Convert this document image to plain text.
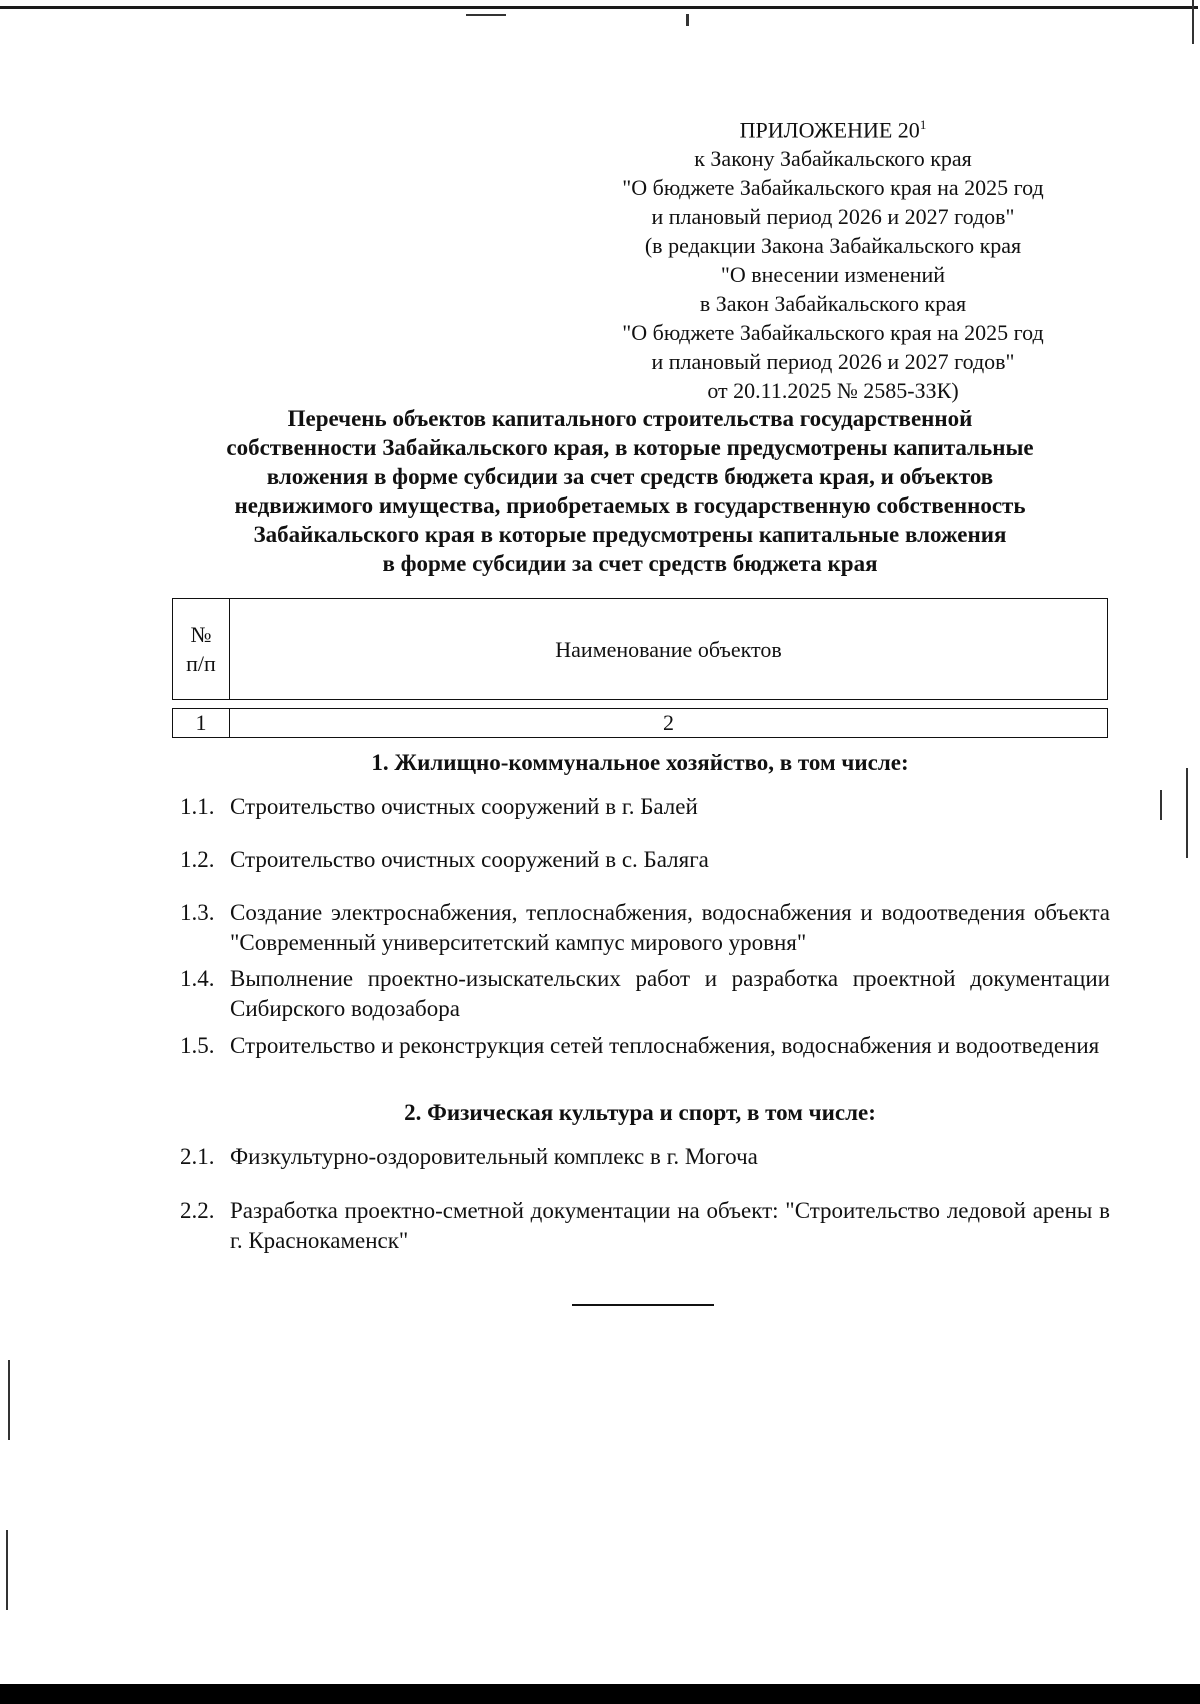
ПРИЛОЖЕНИЕ $20^1$
к Закону Забайкальского края
"О бюджете Забайкальского края на 2025 год
и плановый период 2026 и 2027 годов"
(в редакции Закона Забайкальского края
"О внесении изменений
в Закон Забайкальского края
"О бюджете Забайкальского края на 2025 год
и плановый период 2026 и 2027 годов"
от 20.11.2025 № 2585-ЗЗК)
Перечень объектов капитального строительства государственной
собственности Забайкальского края, в которые предусмотрены капитальные
вложения в форме субсидии за счет средств бюджета края, и объектов
недвижимого имущества, приобретаемых в государственную собственность
Забайкальского края в которые предусмотрены капитальные вложения
в форме субсидии за счет средств бюджета края
№
п/п
	Наименование объектов
1	2
1. Жилищно-коммунальное хозяйство, в том числе:
1.1. Строительство очистных сооружений в г. Балей
1.2. Строительство очистных сооружений в с. Баляга
1.3. Создание электроснабжения, теплоснабжения, водоснабжения и водоотведения объекта "Современный университетский кампус мирового уровня"
1.4. Выполнение проектно-изыскательских работ и разработка проектной документации Сибирского водозабора
1.5. Строительство и реконструкция сетей теплоснабжения, водоснабжения и водоотведения
2. Физическая культура и спорт, в том числе:
2.1. Физкультурно-оздоровительный комплекс в г. Могоча
2.2. Разработка проектно-сметной документации на объект: "Строительство ледовой арены в г. Краснокаменск"
